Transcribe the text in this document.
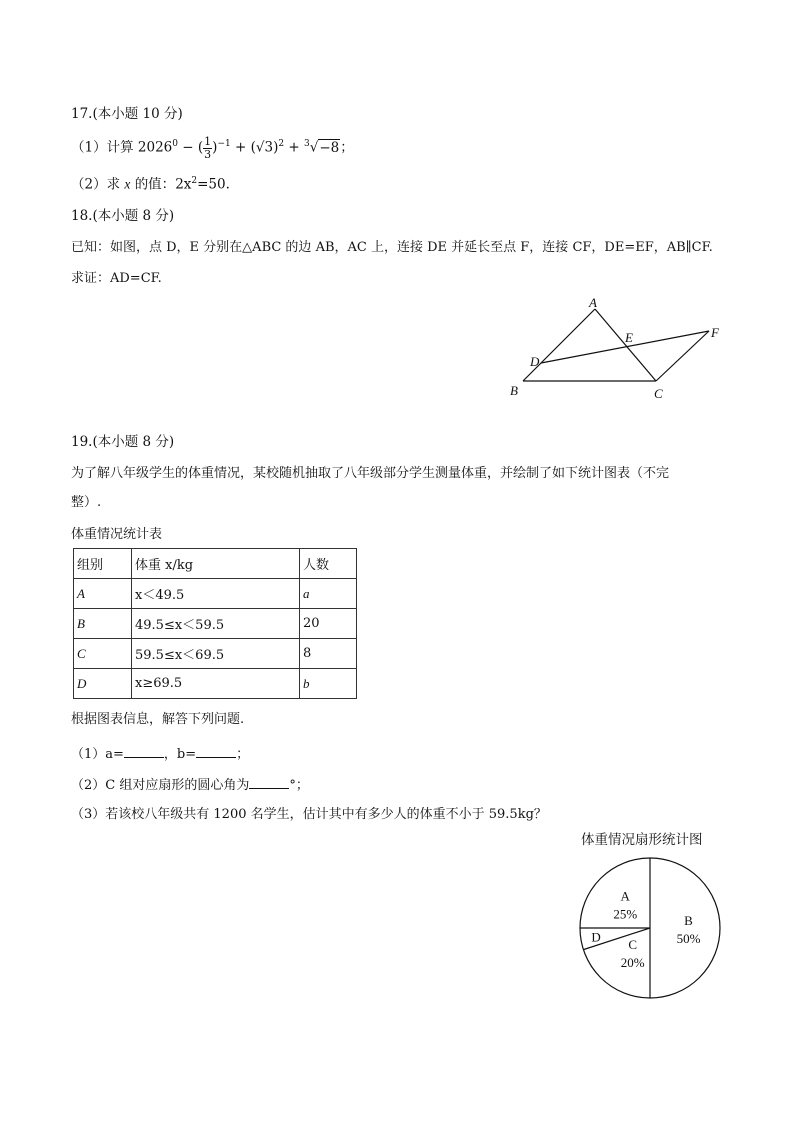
17.(本小题 10 分)
（1）计算 $2026^0$ − ( $\frac{1}{3} )^{-1} + (√3)^2 + ^3√-8$；
（2）求 x 的值：$2x^2=50$.
18.(本小题 8 分)
已知：如图，点 D，E 分别在△ABC 的边 AB，AC 上，连接 DE 并延长至点 F，连接 CF，DE=EF，AB∥CF.
求证：AD=CF.
A
B	C
D
E	F
19.(本小题 8 分)
为了解八年级学生的体重情况，某校随机抽取了八年级部分学生测量体重，并绘制了如下统计图表（不完
整）.
体重情况统计表
组别	体重 x/kg	人数
A	x＜49.5	a
B	49.5≤x＜59.5	20
C	59.5≤x＜69.5	8
D	x≥69.5	b
根据图表信息，解答下列问题.
（1）a=	，b=	；
（2）C 组对应扇形的圆心角为	°；
（3）若该校八年级共有 1200 名学生，估计其中有多少人的体重不小于 59.5kg？
体重情况扇形统计图
B
50%
C
20%
D
A
25%
